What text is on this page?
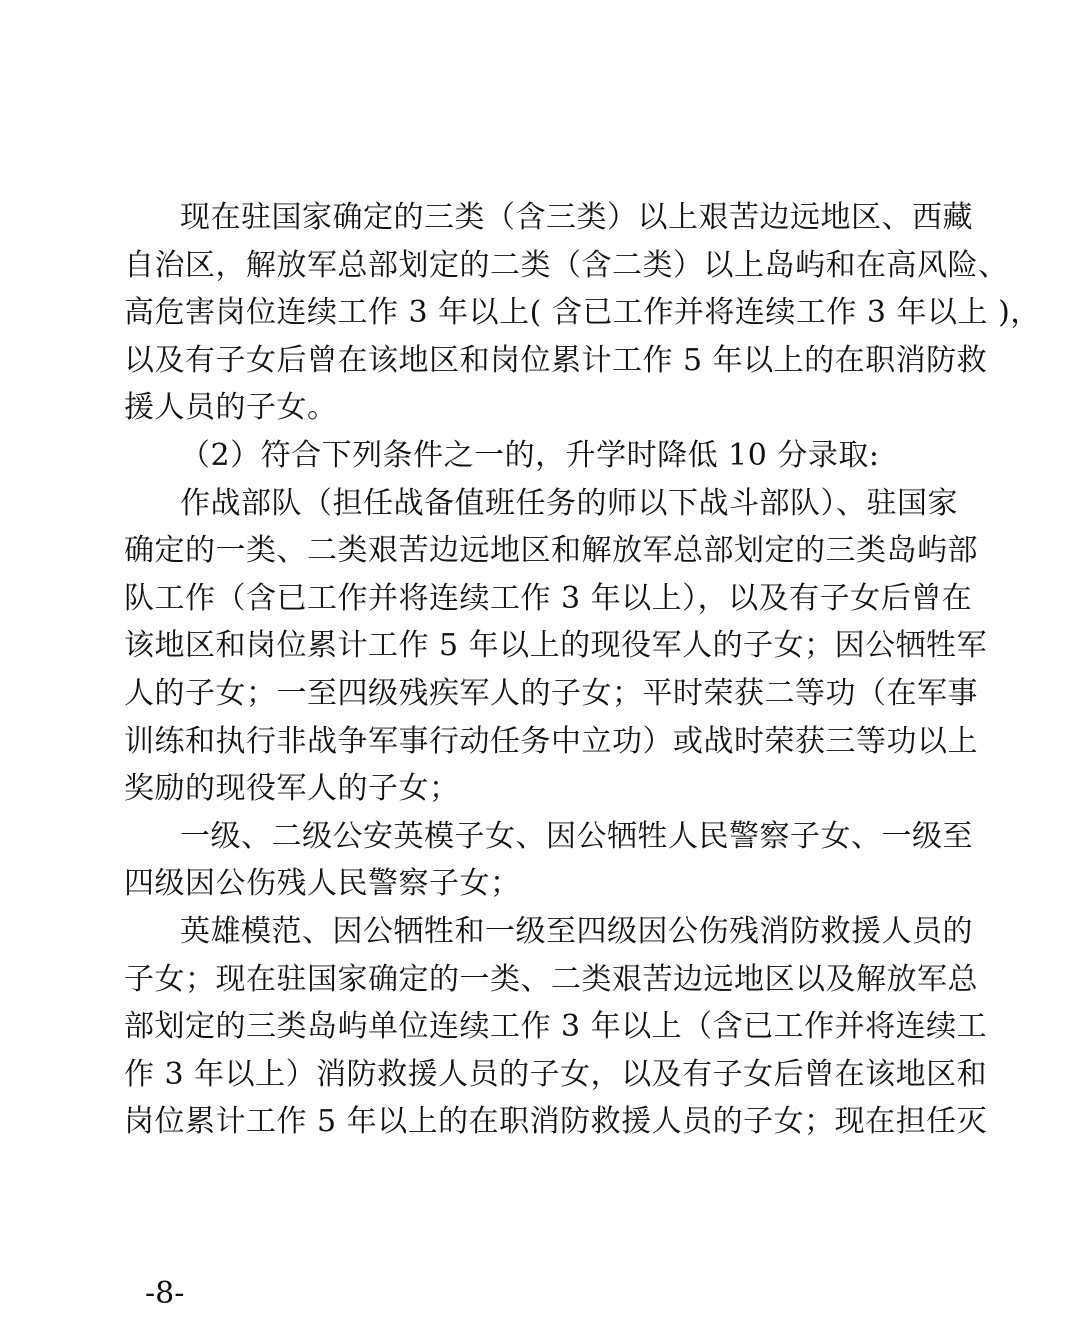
现在驻国家确定的三类（含三类）以上艰苦边远地区、西藏
自治区，解放军总部划定的二类（含二类）以上岛屿和在高风险、
高危害岗位连续工作 3 年以上( 含已工作并将连续工作 3 年以上 )，
以及有子女后曾在该地区和岗位累计工作 5 年以上的在职消防救
援人员的子女。
（2）符合下列条件之一的，升学时降低 10 分录取:
作战部队（担任战备值班任务的师以下战斗部队）、驻国家
确定的一类、二类艰苦边远地区和解放军总部划定的三类岛屿部
队工作（含已工作并将连续工作 3 年以上），以及有子女后曾在
该地区和岗位累计工作 5 年以上的现役军人的子女；因公牺牲军
人的子女；一至四级残疾军人的子女；平时荣获二等功（在军事
训练和执行非战争军事行动任务中立功）或战时荣获三等功以上
奖励的现役军人的子女；
一级、二级公安英模子女、因公牺牲人民警察子女、一级至
四级因公伤残人民警察子女；
英雄模范、因公牺牲和一级至四级因公伤残消防救援人员的
子女；现在驻国家确定的一类、二类艰苦边远地区以及解放军总
部划定的三类岛屿单位连续工作 3 年以上（含已工作并将连续工
作 3 年以上）消防救援人员的子女，以及有子女后曾在该地区和
岗位累计工作 5 年以上的在职消防救援人员的子女；现在担任灭
-8-
